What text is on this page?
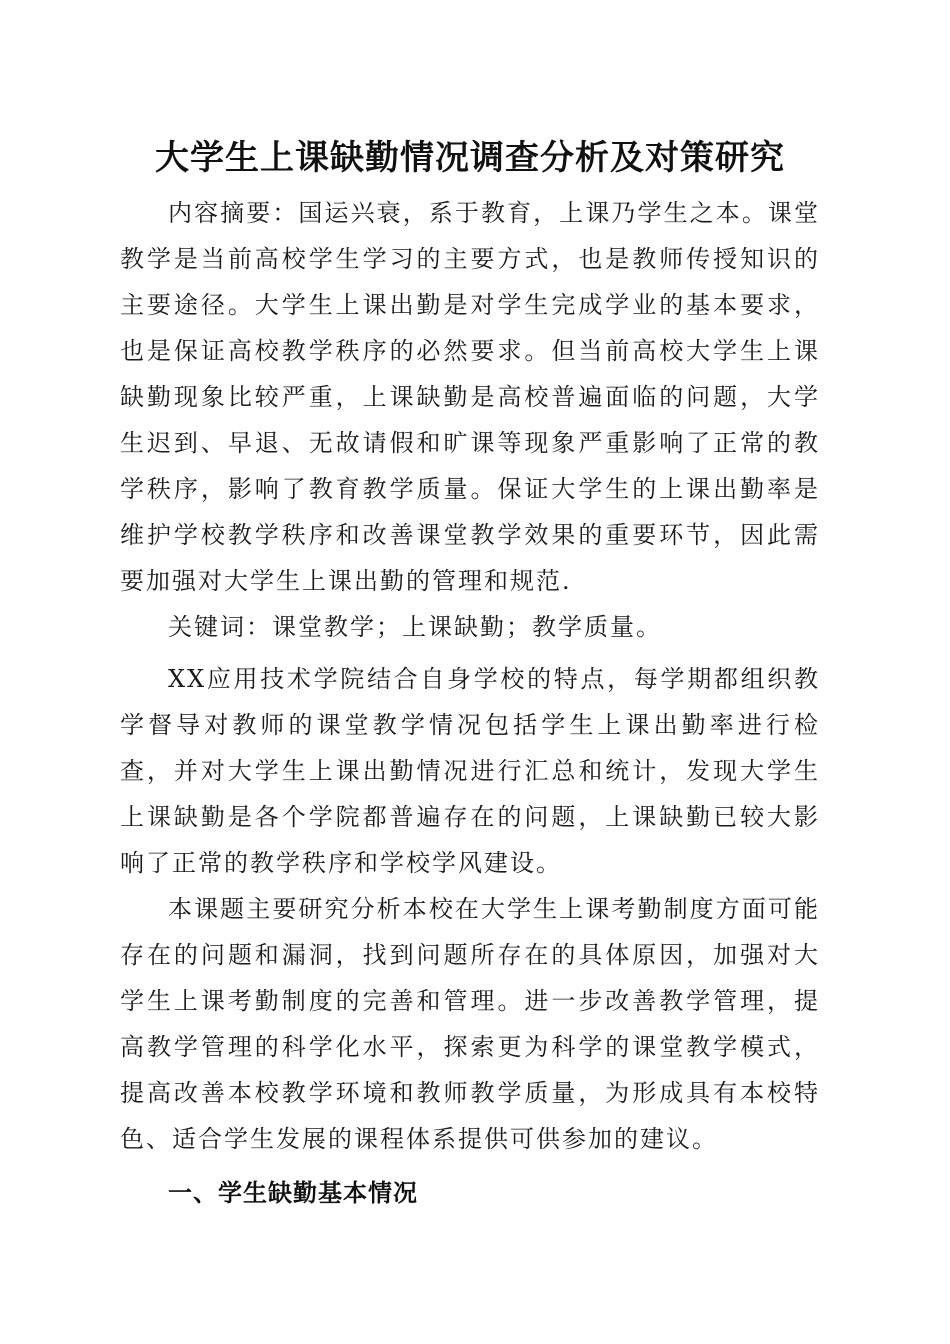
大学生上课缺勤情况调查分析及对策研究

内容摘要：国运兴衰，系于教育，上课乃学生之本。课堂教学是当前高校学生学习的主要方式，也是教师传授知识的主要途径。大学生上课出勤是对学生完成学业的基本要求，也是保证高校教学秩序的必然要求。但当前高校大学生上课缺勤现象比较严重，上课缺勤是高校普遍面临的问题，大学生迟到、早退、无故请假和旷课等现象严重影响了正常的教学秩序，影响了教育教学质量。保证大学生的上课出勤率是维护学校教学秩序和改善课堂教学效果的重要环节，因此需要加强对大学生上课出勤的管理和规范.

关键词：课堂教学；上课缺勤；教学质量。

XX应用技术学院结合自身学校的特点，每学期都组织教学督导对教师的课堂教学情况包括学生上课出勤率进行检查，并对大学生上课出勤情况进行汇总和统计，发现大学生上课缺勤是各个学院都普遍存在的问题，上课缺勤已较大影响了正常的教学秩序和学校学风建设。

本课题主要研究分析本校在大学生上课考勤制度方面可能存在的问题和漏洞，找到问题所存在的具体原因，加强对大学生上课考勤制度的完善和管理。进一步改善教学管理，提高教学管理的科学化水平，探索更为科学的课堂教学模式，提高改善本校教学环境和教师教学质量，为形成具有本校特色、适合学生发展的课程体系提供可供参加的建议。

一、学生缺勤基本情况
